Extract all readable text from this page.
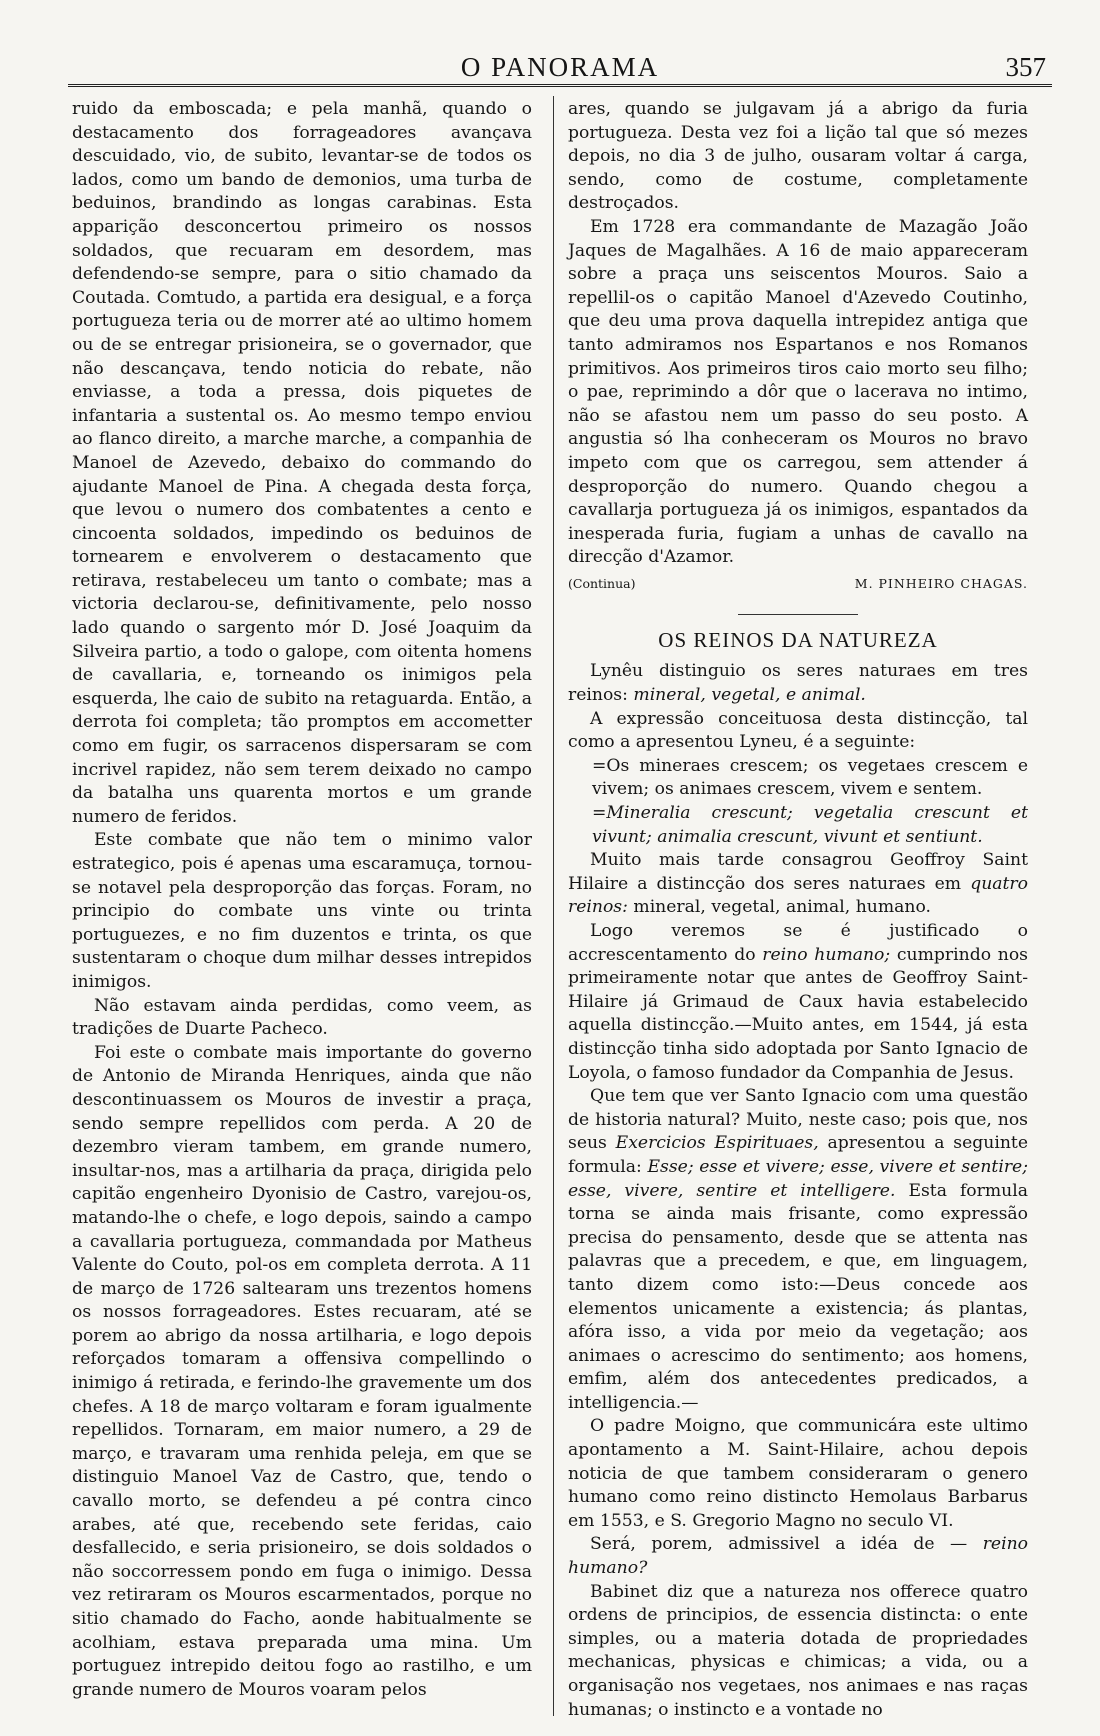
O PANORAMA	357

ruido da emboscada; e pela manhã, quando o destacamento dos forrageadores avançava descuidado, vio, de subito, levantar-se de todos os lados, como um bando de demonios, uma turba de beduinos, brandindo as longas carabinas. Esta apparição desconcertou primeiro os nossos soldados, que recuaram em desordem, mas defendendo-se sempre, para o sitio chamado da Coutada. Comtudo, a partida era desigual, e a força portugueza teria ou de morrer até ao ultimo homem ou de se entregar prisioneira, se o governador, que não descançava, tendo noticia do rebate, não enviasse, a toda a pressa, dois piquetes de infantaria a sustental os. Ao mesmo tempo enviou ao flanco direito, a marche marche, a companhia de Manoel de Azevedo, debaixo do commando do ajudante Manoel de Pina. A chegada desta força, que levou o numero dos combatentes a cento e cincoenta soldados, impedindo os beduinos de tornearem e envolverem o destacamento que retirava, restabeleceu um tanto o combate; mas a victoria declarou-se, definitivamente, pelo nosso lado quando o sargento mór D. José Joaquim da Silveira partio, a todo o galope, com oitenta homens de cavallaria, e, torneando os inimigos pela esquerda, lhe caio de subito na retaguarda. Então, a derrota foi completa; tão promptos em accometter como em fugir, os sarracenos dispersaram se com incrivel rapidez, não sem terem deixado no campo da batalha uns quarenta mortos e um grande numero de feridos.

Este combate que não tem o minimo valor estrategico, pois é apenas uma escaramuça, tornou-se notavel pela desproporção das forças. Foram, no principio do combate uns vinte ou trinta portuguezes, e no fim duzentos e trinta, os que sustentaram o choque dum milhar desses intrepidos inimigos.

Não estavam ainda perdidas, como veem, as tradições de Duarte Pacheco.

Foi este o combate mais importante do governo de Antonio de Miranda Henriques, ainda que não descontinuassem os Mouros de investir a praça, sendo sempre repellidos com perda. A 20 de dezembro vieram tambem, em grande numero, insultar-nos, mas a artilharia da praça, dirigida pelo capitão engenheiro Dyonisio de Castro, varejou-os, matando-lhe o chefe, e logo depois, saindo a campo a cavallaria portugueza, commandada por Matheus Valente do Couto, pol-os em completa derrota. A 11 de março de 1726 saltearam uns trezentos homens os nossos forrageadores. Estes recuaram, até se porem ao abrigo da nossa artilharia, e logo depois reforçados tomaram a offensiva compellindo o inimigo á retirada, e ferindo-lhe gravemente um dos chefes. A 18 de março voltaram e foram igualmente repellidos. Tornaram, em maior numero, a 29 de março, e travaram uma renhida peleja, em que se distinguio Manoel Vaz de Castro, que, tendo o cavallo morto, se defendeu a pé contra cinco arabes, até que, recebendo sete feridas, caio desfallecido, e seria prisioneiro, se dois soldados o não soccorressem pondo em fuga o inimigo. Dessa vez retiraram os Mouros escarmentados, porque no sitio chamado do Facho, aonde habitualmente se acolhiam, estava preparada uma mina. Um portuguez intrepido deitou fogo ao rastilho, e um grande numero de Mouros voaram pelos

ares, quando se julgavam já a abrigo da furia portugueza. Desta vez foi a lição tal que só mezes depois, no dia 3 de julho, ousaram voltar á carga, sendo, como de costume, completamente destroçados.

Em 1728 era commandante de Mazagão João Jaques de Magalhães. A 16 de maio appareceram sobre a praça uns seiscentos Mouros. Saio a repellil-os o capitão Manoel d'Azevedo Coutinho, que deu uma prova daquella intrepidez antiga que tanto admiramos nos Espartanos e nos Romanos primitivos. Aos primeiros tiros caio morto seu filho; o pae, reprimindo a dôr que o lacerava no intimo, não se afastou nem um passo do seu posto. A angustia só lha conheceram os Mouros no bravo impeto com que os carregou, sem attender á desproporção do numero. Quando chegou a cavallarja portugueza já os inimigos, espantados da inesperada furia, fugiam a unhas de cavallo na direcção d'Azamor.

(Continua)	M. PINHEIRO CHAGAS.
OS REINOS DA NATUREZA

Lynêu distinguio os seres naturaes em tres reinos: mineral, vegetal, e animal.

A expressão conceituosa desta distincção, tal como a apresentou Lyneu, é a seguinte:

=Os mineraes crescem; os vegetaes crescem e vivem; os animaes crescem, vivem e sentem.

=Mineralia crescunt; vegetalia crescunt et vivunt; animalia crescunt, vivunt et sentiunt.

Muito mais tarde consagrou Geoffroy Saint Hilaire a distincção dos seres naturaes em quatro reinos: mineral, vegetal, animal, humano.

Logo veremos se é justificado o accrescentamento do reino humano; cumprindo nos primeiramente notar que antes de Geoffroy Saint-Hilaire já Grimaud de Caux havia estabelecido aquella distincção.—Muito antes, em 1544, já esta distincção tinha sido adoptada por Santo Ignacio de Loyola, o famoso fundador da Companhia de Jesus.

Que tem que ver Santo Ignacio com uma questão de historia natural? Muito, neste caso; pois que, nos seus Exercicios Espirituaes, apresentou a seguinte formula: Esse; esse et vivere; esse, vivere et sentire; esse, vivere, sentire et intelligere. Esta formula torna se ainda mais frisante, como expressão precisa do pensamento, desde que se attenta nas palavras que a precedem, e que, em linguagem, tanto dizem como isto:—Deus concede aos elementos unicamente a existencia; ás plantas, afóra isso, a vida por meio da vegetação; aos animaes o acrescimo do sentimento; aos homens, emfim, além dos antecedentes predicados, a intelligencia.—

O padre Moigno, que communicára este ultimo apontamento a M. Saint-Hilaire, achou depois noticia de que tambem consideraram o genero humano como reino distincto Hemolaus Barbarus em 1553, e S. Gregorio Magno no seculo VI.

Será, porem, admissivel a idéa de — reino humano?

Babinet diz que a natureza nos offerece quatro ordens de principios, de essencia distincta: o ente simples, ou a materia dotada de propriedades mechanicas, physicas e chimicas; a vida, ou a organisação nos vegetaes, nos animaes e nas raças humanas; o instincto e a vontade no
